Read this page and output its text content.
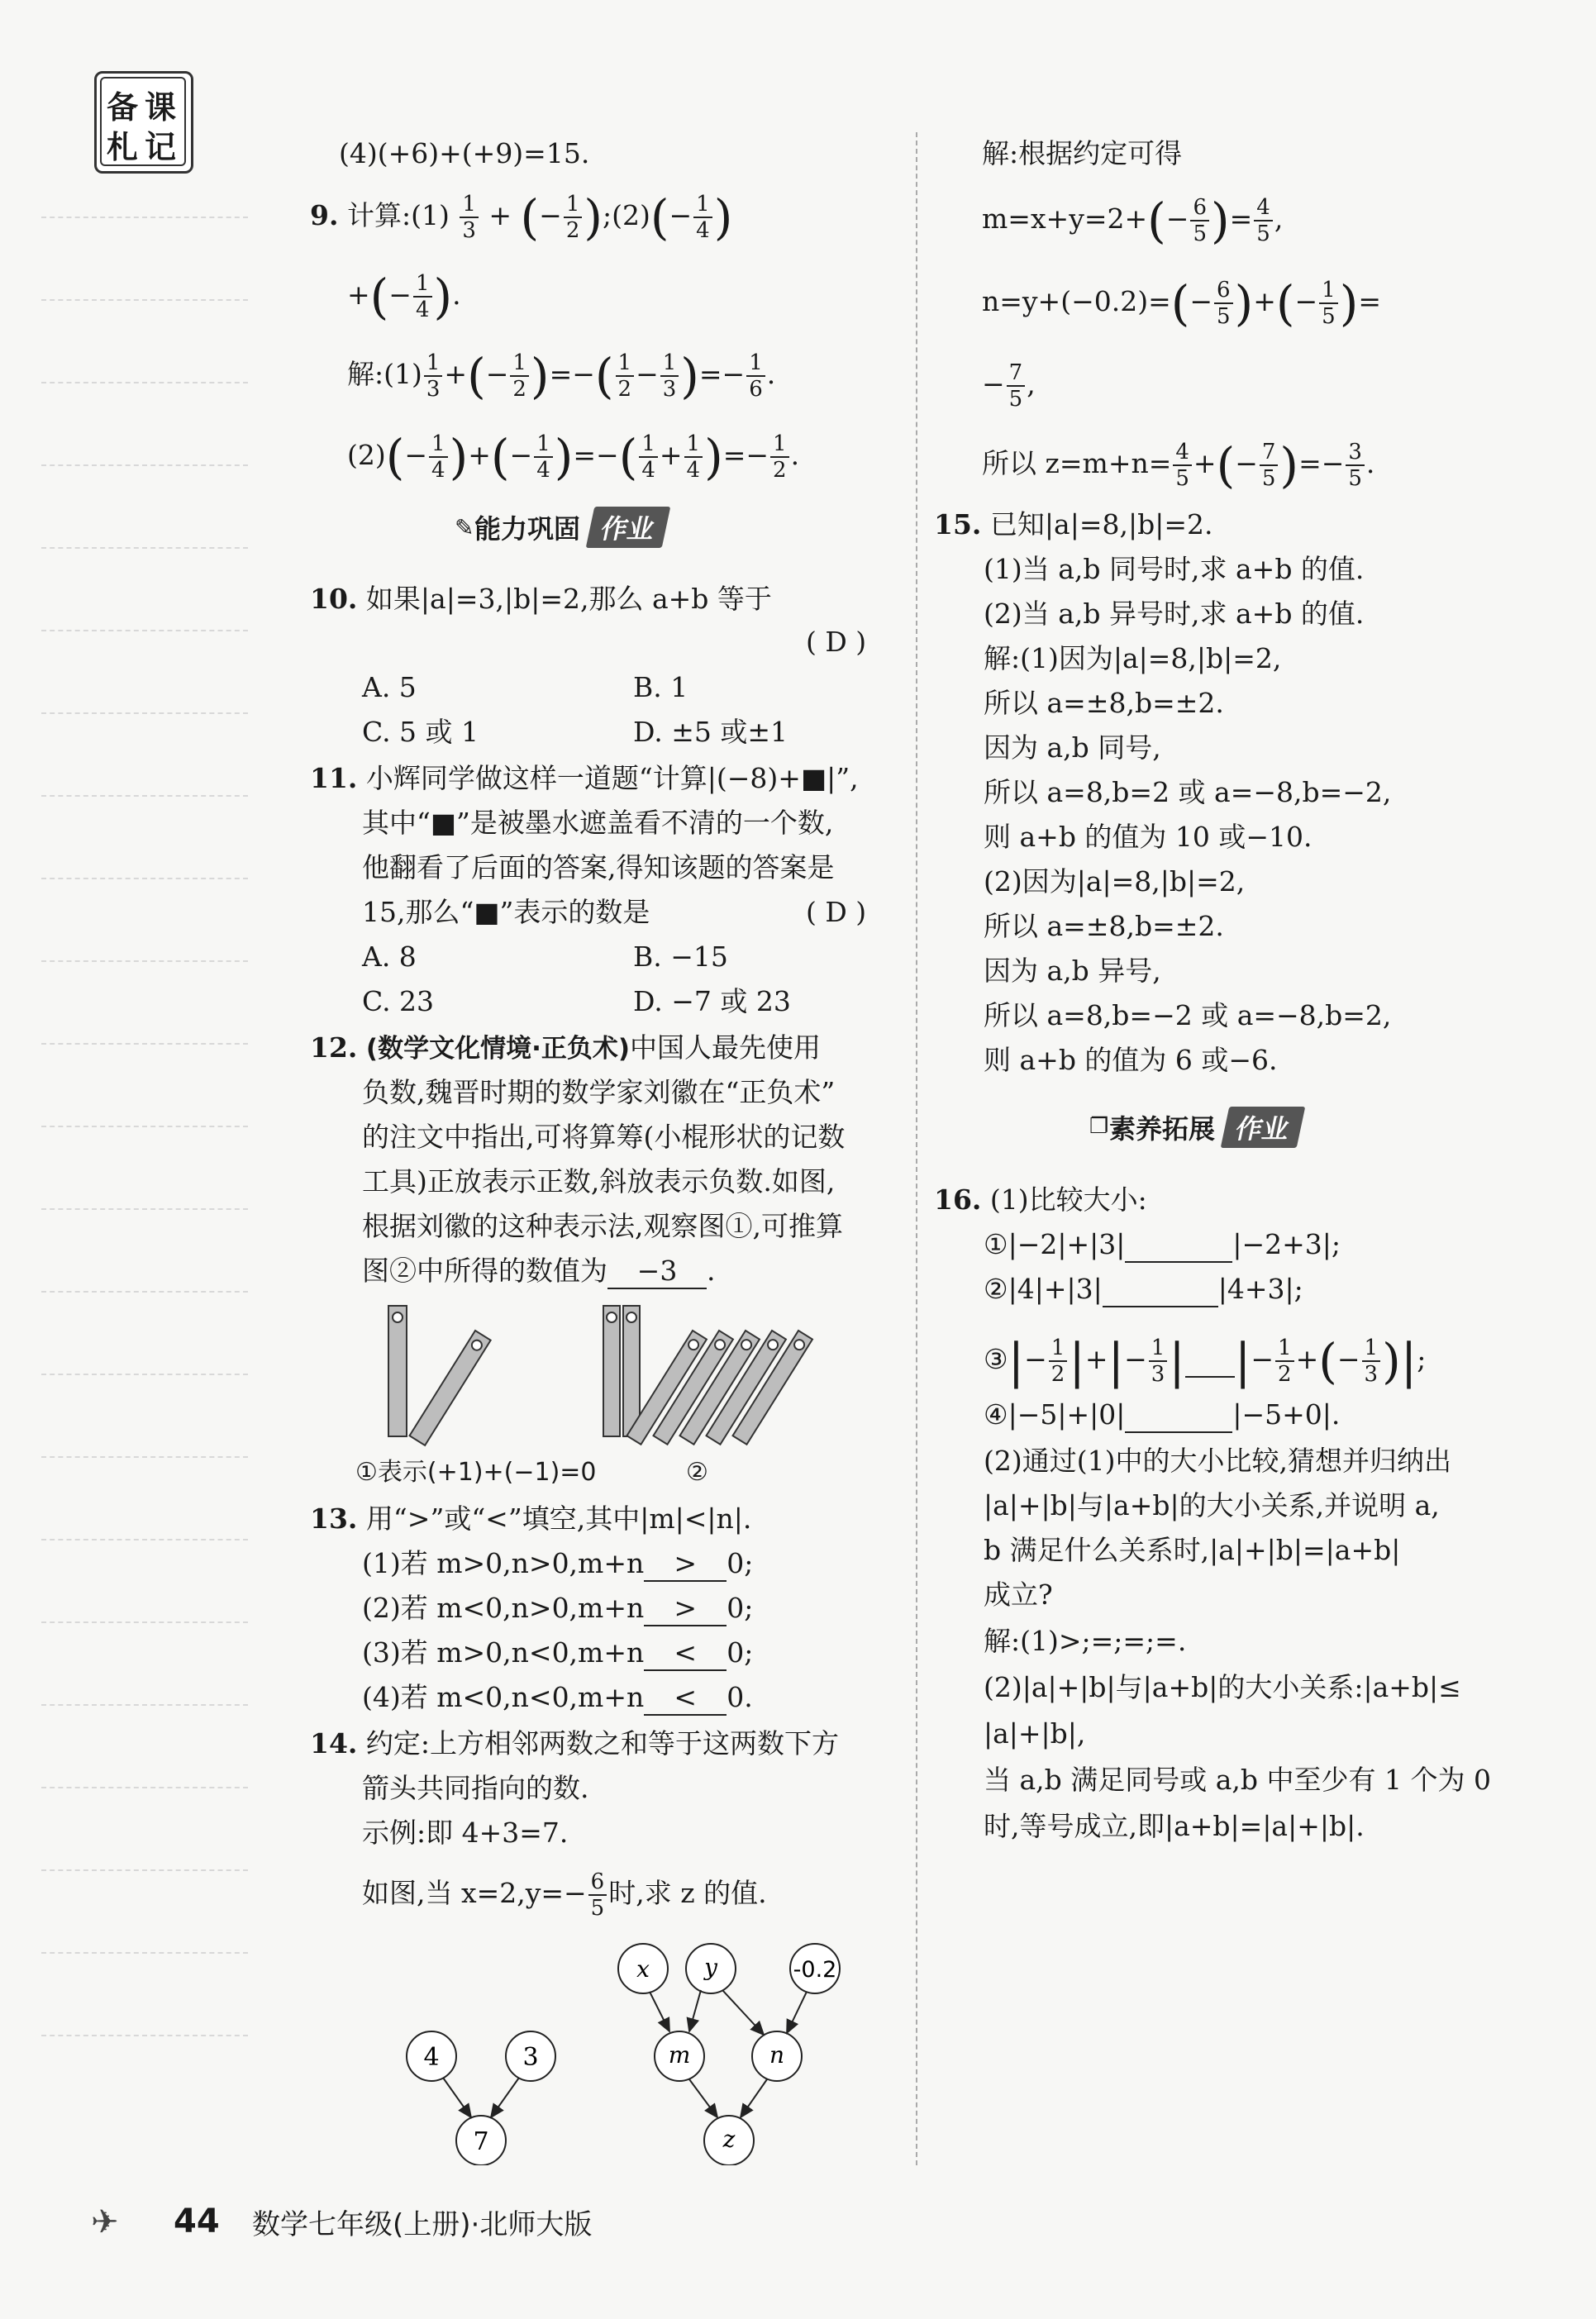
备 课
札 记	(4)(+6)+(+9)=15.
9. 计算:(1) $\frac{1}{3}$ + (− $\frac{1}{2}$ );(2)(− $\frac{1}{4}$ )
+(− $\frac{1}{4}$ ).
解:(1) $\frac{1}{3}$ +(− $\frac{1}{2}$ )=−( $\frac{1}{2} - \frac{1}{3}$ )=− $\frac{1}{6}$ .
$(2)(- \frac{1}{4}$ )+(− $\frac{1}{4}$ )=−( $\frac{1}{4} + \frac{1}{4}$ )=− $\frac{1}{2}$ .
✎ 能力巩固 作业
10. 如果|a|=3,|b|=2,那么 a+b 等于
( D )
A. 5	B. 1
C. 5 或 1	D. ±5 或±1
11. 小辉同学做这样一道题“计算|(−8)+■|”,
其中“■”是被墨水遮盖看不清的一个数,
他翻看了后面的答案,得知该题的答案是
15,那么“■”表示的数是	( D )
A. 8	B. −15
C. 23	D. −7 或 23
12. (数学文化情境·正负术)中国人最先使用
负数,魏晋时期的数学家刘徽在“正负术”
的注文中指出,可将算筹(小棍形状的记数
工具)正放表示正数,斜放表示负数.如图,
根据刘徽的这种表示法,观察图①,可推算
图②中所得的数值为 −3 .
①表示(+1)+(−1)=0	②
13. 用“>”或“<”填空,其中|m|<|n|.
(1)若 m>0,n>0,m+n > 0;
(2)若 m<0,n>0,m+n > 0;
(3)若 m>0,n<0,m+n < 0;
(4)若 m<0,n<0,m+n < 0.
14. 约定:上方相邻两数之和等于这两数下方
箭头共同指向的数.
示例:即 4+3=7.
如图,当 $x=2,y=- \frac{6}{5}$ 时,求 z 的值.
4	3
7
x y	-0.2
m	n
z
解:根据约定可得
$m=x+y=2+(- \frac{6}{5}$ )= $\frac{4}{5}$ ,
$n=y+(-0.2)=(- \frac{6}{5}$ )+(− $\frac{1}{5}$ )=
− $\frac{7}{5}$ ,
所以 $z=m+n= \frac{4}{5}$ +(− $\frac{7}{5}$ )=− $\frac{3}{5}$ .
15. 已知|a|=8,|b|=2.
(1)当 a,b 同号时,求 a+b 的值.
(2)当 a,b 异号时,求 a+b 的值.
解:(1)因为|a|=8,|b|=2,
所以 a=±8,b=±2.
因为 a,b 同号,
所以 a=8,b=2 或 a=−8,b=−2,
则 a+b 的值为 10 或−10.
(2)因为|a|=8,|b|=2,
所以 a=±8,b=±2.
因为 a,b 异号,
所以 a=8,b=−2 或 a=−8,b=2,
则 a+b 的值为 6 或−6.
❐ 素养拓展 作业
16. (1)比较大小:
①|−2|+|3|	|−2+3|;
②|4|+|3|	|4+3|;
③|− $\frac{1}{2}$ |+|− $\frac{1}{3}$ | |− $\frac{1}{2}$ +(− $\frac{1}{3}$ )|;
④|−5|+|0|	|−5+0|.
(2)通过(1)中的大小比较,猜想并归纳出
|a|+|b|与|a+b|的大小关系,并说明 a,
b 满足什么关系时,|a|+|b|=|a+b|
成立?
解:(1)>;=;=;=.
(2)|a|+|b|与|a+b|的大小关系:|a+b|≤
|a|+|b|,
当 a,b 满足同号或 a,b 中至少有 1 个为 0
时,等号成立,即|a+b|=|a|+|b|.
✈ 44 数学七年级(上册)·北师大版
